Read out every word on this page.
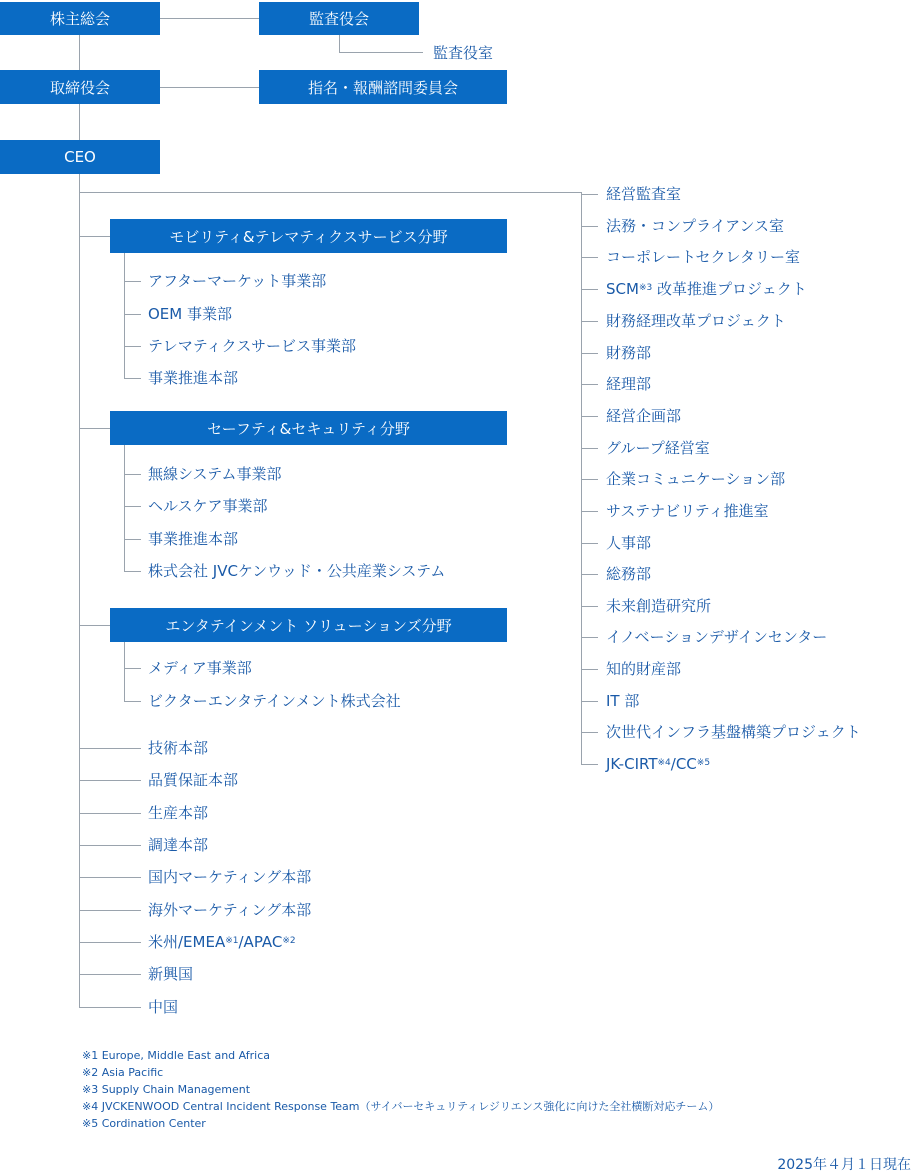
株主総会	監査役会
監査役室
取締役会	指名・報酬諮問委員会
CEO
モビリティ&テレマティクスサービス分野
アフターマーケット事業部
OEM 事業部
テレマティクスサービス事業部
事業推進本部
セーフティ&セキュリティ分野
無線システム事業部
ヘルスケア事業部
事業推進本部
株式会社 JVCケンウッド・公共産業システム
エンタテインメント ソリューションズ分野
メディア事業部
ビクターエンタテインメント株式会社
技術本部
品質保証本部
生産本部
調達本部
国内マーケティング本部
海外マーケティング本部
米州/EMEA$^{※1}$/APAC$^{※2}$
新興国
中国
経営監査室
法務・コンプライアンス室
コーポレートセクレタリー室
SCM$^{※3}$ 改革推進プロジェクト
財務経理改革プロジェクト
財務部
経理部
経営企画部
グループ経営室
企業コミュニケーション部
サステナビリティ推進室
人事部
総務部
未来創造研究所
イノベーションデザインセンター
知的財産部
IT 部
次世代インフラ基盤構築プロジェクト
JK-CIRT$^{※4}$/CC$^{※5}$
※1 Europe, Middle East and Africa
※2 Asia Pacific
※3 Supply Chain Management
※4 JVCKENWOOD Central Incident Response Team（サイバーセキュリティレジリエンス強化に向けた全社横断対応チーム）
※5 Cordination Center
2025年４月１日現在
